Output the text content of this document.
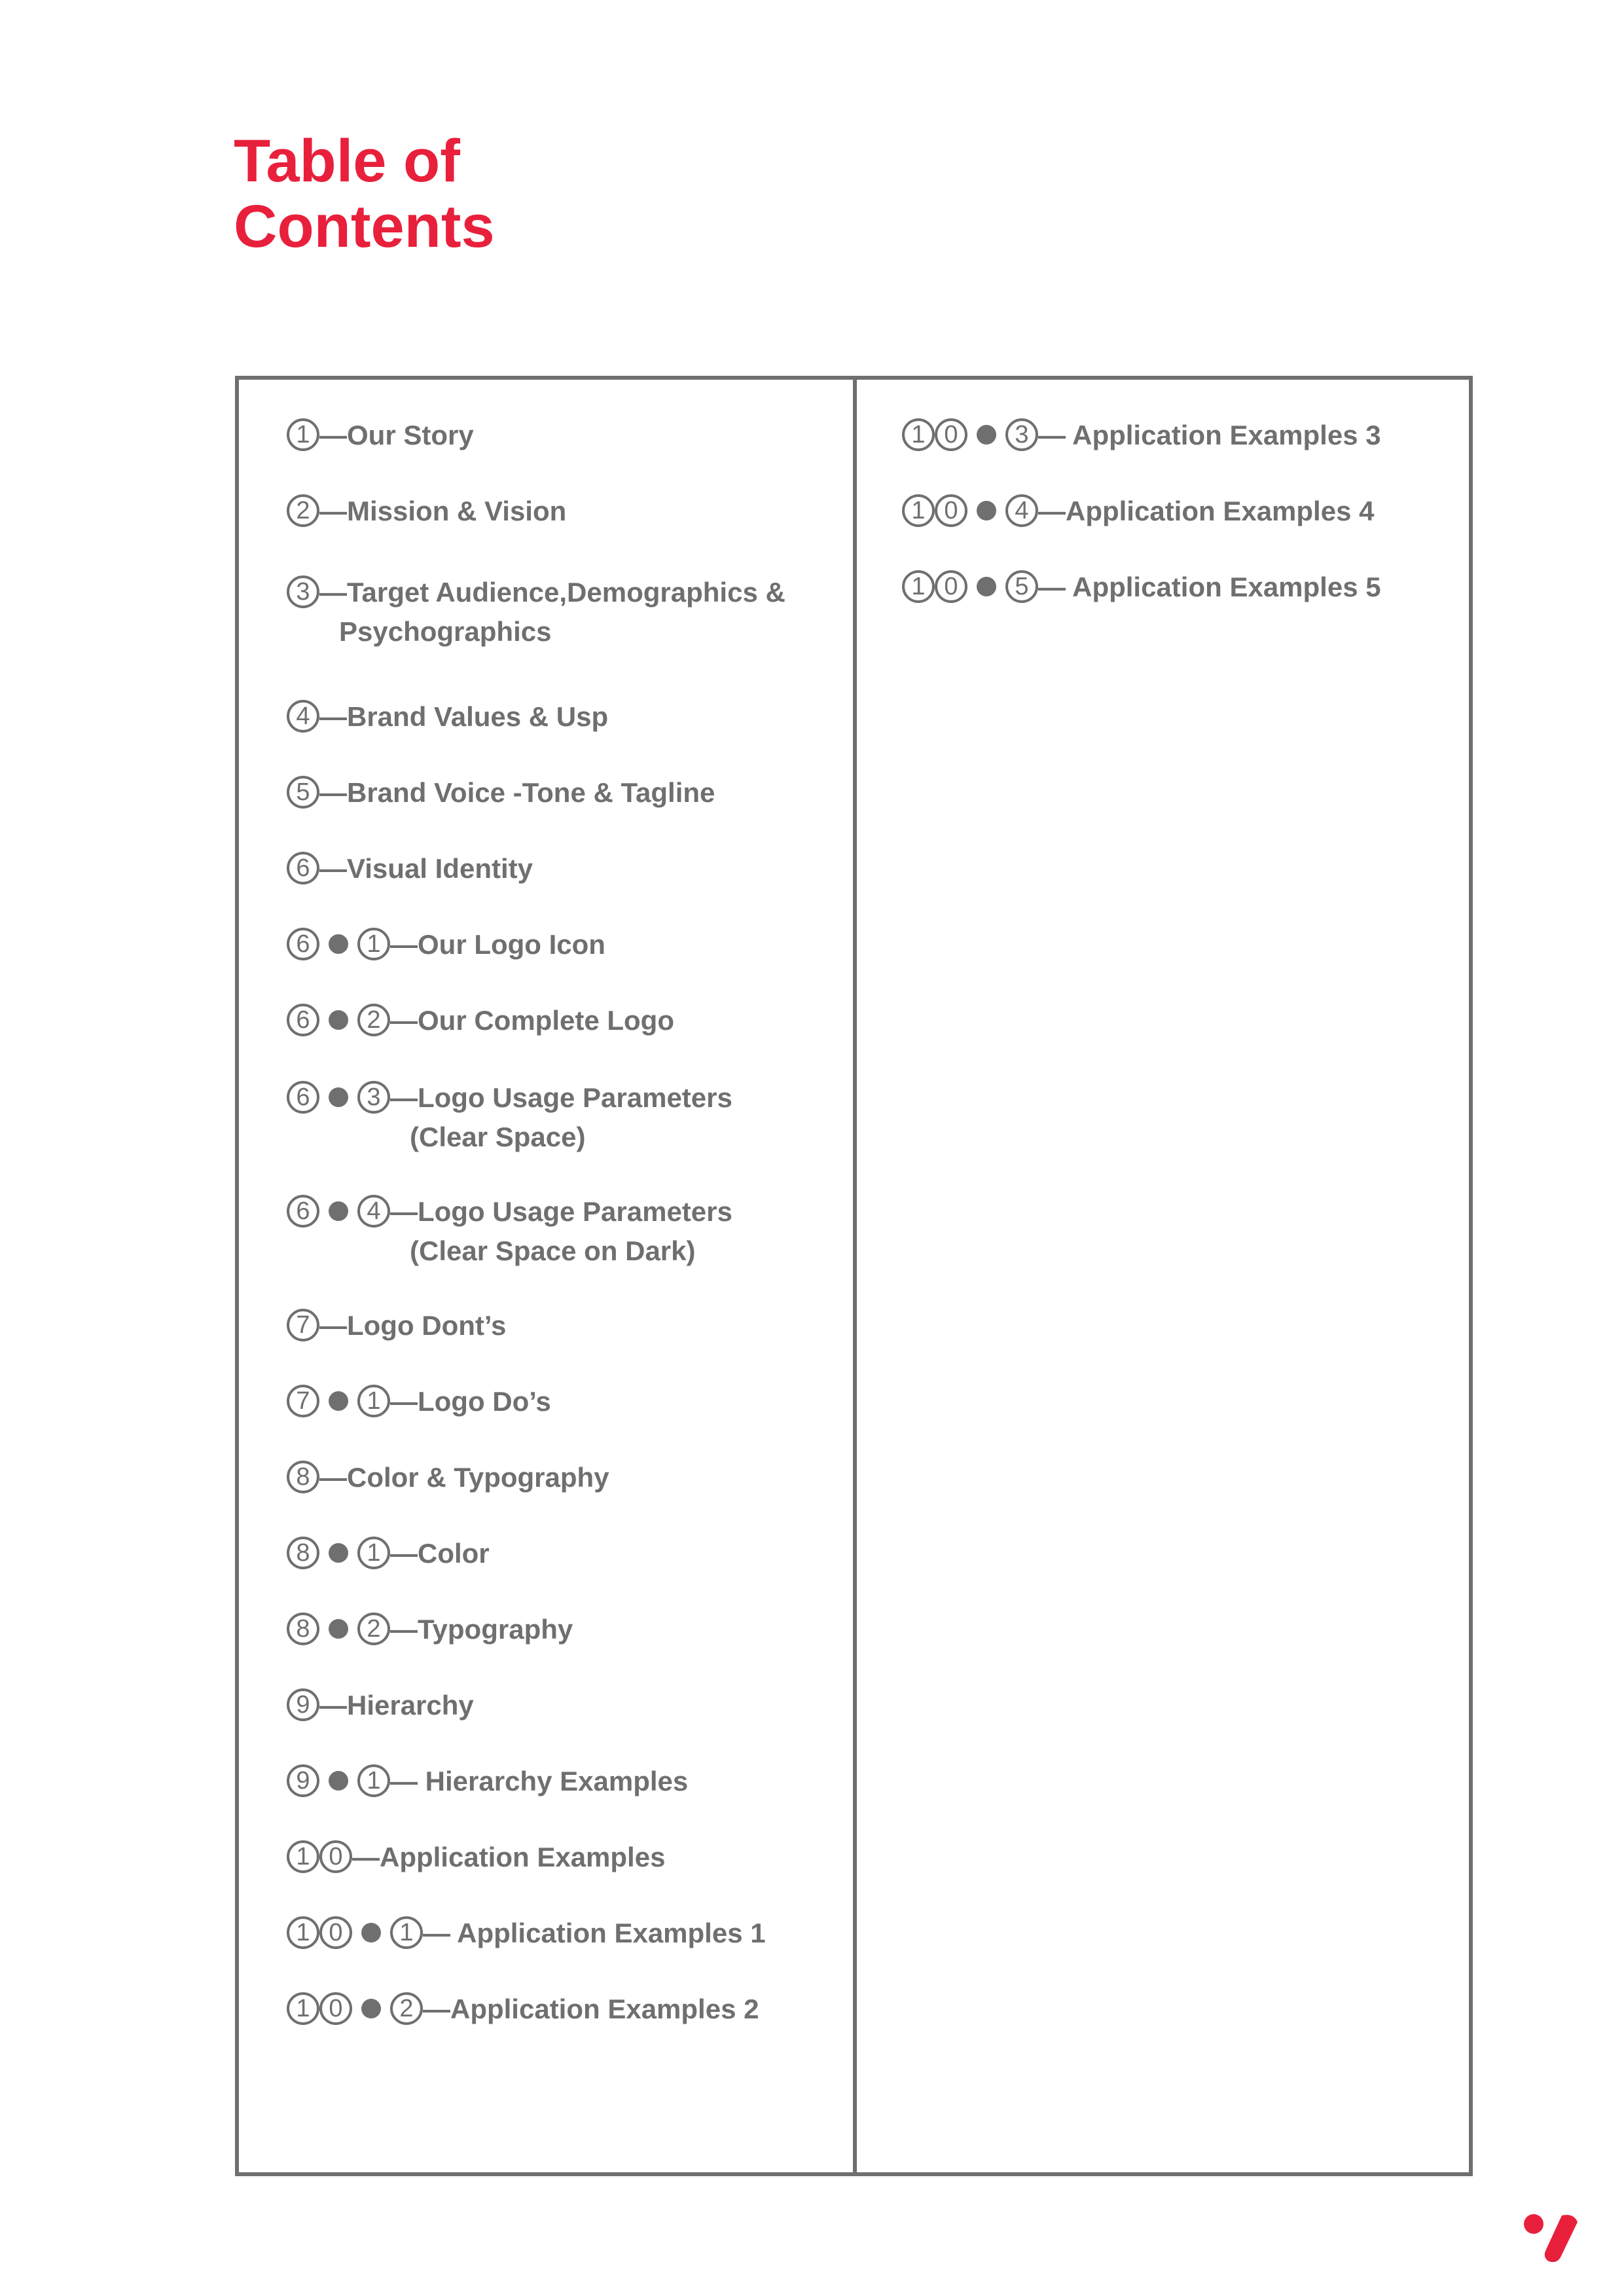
Table of
Contents
1 —Our Story
2 —Mission & Vision
3 —Target Audience,Demographics &
Psychographics
4 —Brand Values & Usp
5 —Brand Voice -Tone & Tagline
6 —Visual Identity
6 1 —Our Logo Icon
6 2 —Our Complete Logo
6 3 —Logo Usage Parameters
(Clear Space)
6 4 —Logo Usage Parameters
(Clear Space on Dark)
7 —Logo Dont’s
7 1 —Logo Do’s
8 —Color & Typography
8 1 —Color
8 2 —Typography
9 —Hierarchy
9 1 — Hierarchy Examples
1 0 —Application Examples
1 0 1 — Application Examples 1
1 0 2 —Application Examples 2
1 0 3 — Application Examples 3
1 0 4 —Application Examples 4
1 0 5 — Application Examples 5
